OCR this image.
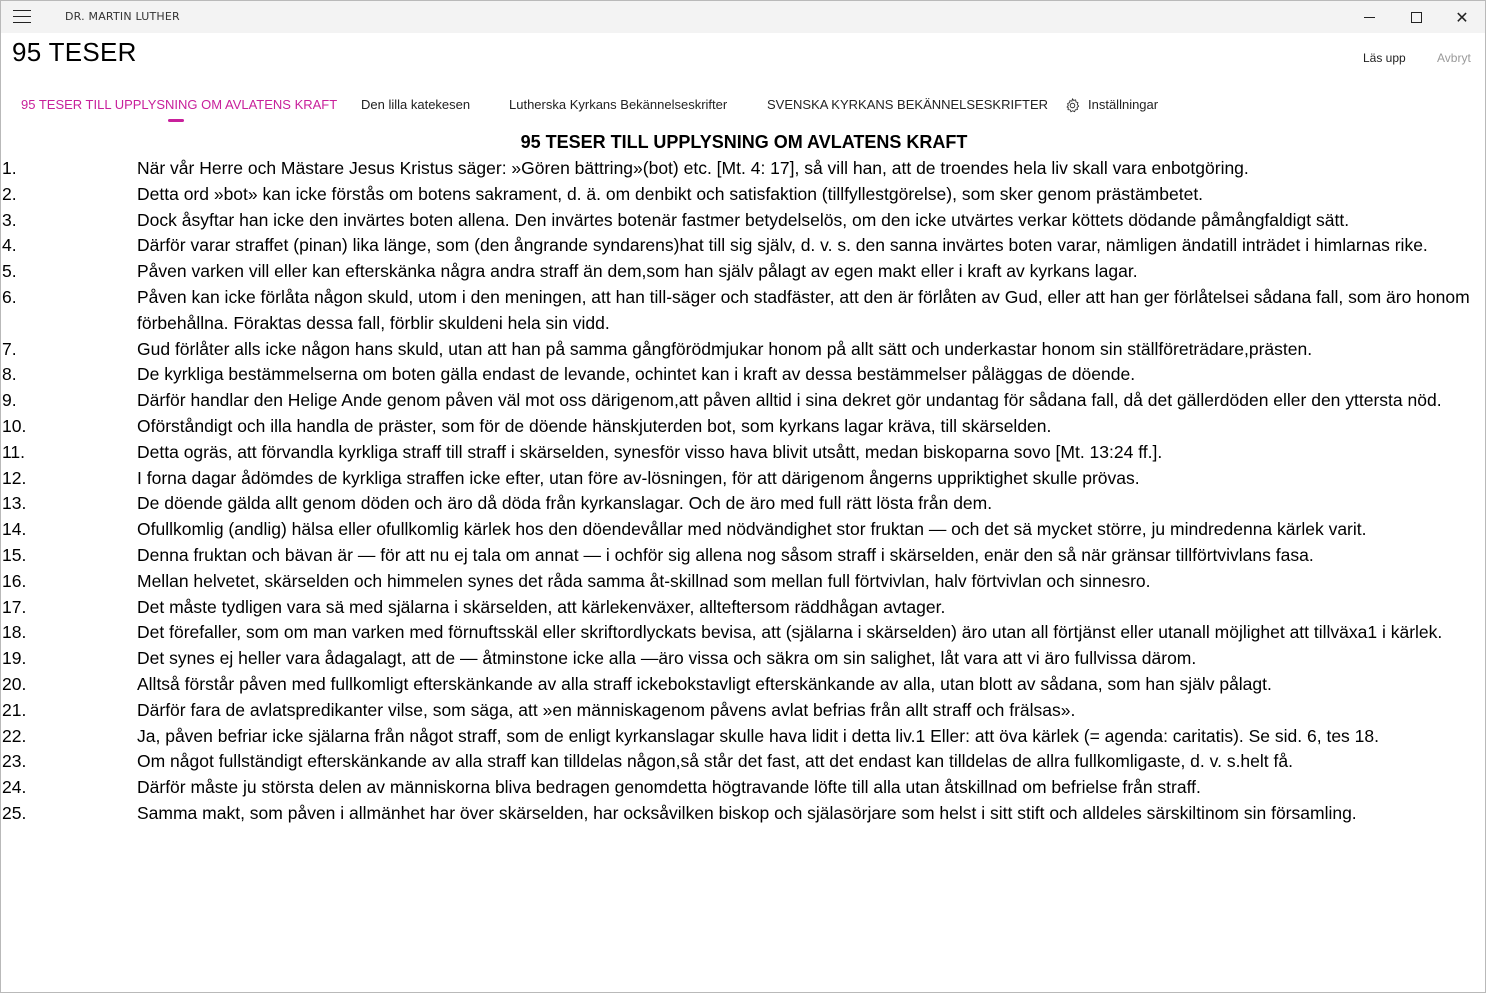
DR. MARTIN LUTHER	✕
95 TESER	Läs upp	Avbryt
95 TESER TILL UPPLYSNING OM AVLATENS KRAFT Den lilla katekesen	Lutherska Kyrkans Bekännelseskrifter	SVENSKA KYRKANS BEKÄNNELSESKRIFTER	Inställningar
95 TESER TILL UPPLYSNING OM AVLATENS KRAFT
1.	När vår Herre och Mästare Jesus Kristus säger: »Gören bättring»(bot) etc. [Mt. 4: 17], så vill han, att de troendes hela liv skall vara enbotgöring.
2.	Detta ord »bot» kan icke förstås om botens sakrament, d. ä. om denbikt och satisfaktion (tillfyllestgörelse), som sker genom prästämbetet.
3.	Dock åsyftar han icke den invärtes boten allena. Den invärtes botenär fastmer betydelselös, om den icke utvärtes verkar köttets dödande påmångfaldigt sätt.
4.	Därför varar straffet (pinan) lika länge, som (den ångrande syndarens)hat till sig själv, d. v. s. den sanna invärtes boten varar, nämligen ändatill inträdet i himlarnas rike.
5.	Påven varken vill eller kan efterskänka några andra straff än dem,som han själv pålagt av egen makt eller i kraft av kyrkans lagar.
6.	Påven kan icke förlåta någon skuld, utom i den meningen, att han till-säger och stadfäster, att den är förlåten av Gud, eller att han ger förlåtelsei sådana fall, som äro honom förbehållna. Föraktas dessa fall, förblir skuldeni hela sin vidd.
7.	Gud förlåter alls icke någon hans skuld, utan att han på samma gångförödmjukar honom på allt sätt och underkastar honom sin ställföreträdare,prästen.
8.	De kyrkliga bestämmelserna om boten gälla endast de levande, ochintet kan i kraft av dessa bestämmelser påläggas de döende.
9.	Därför handlar den Helige Ande genom påven väl mot oss därigenom,att påven alltid i sina dekret gör undantag för sådana fall, då det gällerdöden eller den yttersta nöd.
10.	Oförståndigt och illa handla de präster, som för de döende hänskjuterden bot, som kyrkans lagar kräva, till skärselden.
11.	Detta ogräs, att förvandla kyrkliga straff till straff i skärselden, synesför visso hava blivit utsått, medan biskoparna sovo [Mt. 13:24 ff.].
12.	I forna dagar ådömdes de kyrkliga straffen icke efter, utan före av-lösningen, för att därigenom ångerns uppriktighet skulle prövas.
13.	De döende gälda allt genom döden och äro då döda från kyrkanslagar. Och de äro med full rätt lösta från dem.
14.	Ofullkomlig (andlig) hälsa eller ofullkomlig kärlek hos den döendevållar med nödvändighet stor fruktan — och det sä mycket större, ju mindredenna kärlek varit.
15.	Denna fruktan och bävan är — för att nu ej tala om annat — i ochför sig allena nog såsom straff i skärselden, enär den så när gränsar tillförtvivlans fasa.
16.	Mellan helvetet, skärselden och himmelen synes det råda samma åt-skillnad som mellan full förtvivlan, halv förtvivlan och sinnesro.
17.	Det måste tydligen vara sä med själarna i skärselden, att kärlekenväxer, allteftersom räddhågan avtager.
18.	Det förefaller, som om man varken med förnuftsskäl eller skriftordlyckats bevisa, att (själarna i skärselden) äro utan all förtjänst eller utanall möjlighet att tillväxa1 i kärlek.
19.	Det synes ej heller vara ådagalagt, att de — åtminstone icke alla —äro vissa och säkra om sin salighet, låt vara att vi äro fullvissa därom.
20.	Alltså förstår påven med fullkomligt efterskänkande av alla straff ickebokstavligt efterskänkande av alla, utan blott av sådana, som han själv pålagt.
21.	Därför fara de avlatspredikanter vilse, som säga, att »en människagenom påvens avlat befrias från allt straff och frälsas».
22.	Ja, påven befriar icke själarna från något straff, som de enligt kyrkanslagar skulle hava lidit i detta liv.1 Eller: att öva kärlek (= agenda: caritatis). Se sid. 6, tes 18.
23.	Om något fullständigt efterskänkande av alla straff kan tilldelas någon,så står det fast, att det endast kan tilldelas de allra fullkomligaste, d. v. s.helt få.
24.	Därför måste ju största delen av människorna bliva bedragen genomdetta högtravande löfte till alla utan åtskillnad om befrielse från straff.
25.	Samma makt, som påven i allmänhet har över skärselden, har ocksåvilken biskop och själasörjare som helst i sitt stift och alldeles särskiltinom sin församling.
